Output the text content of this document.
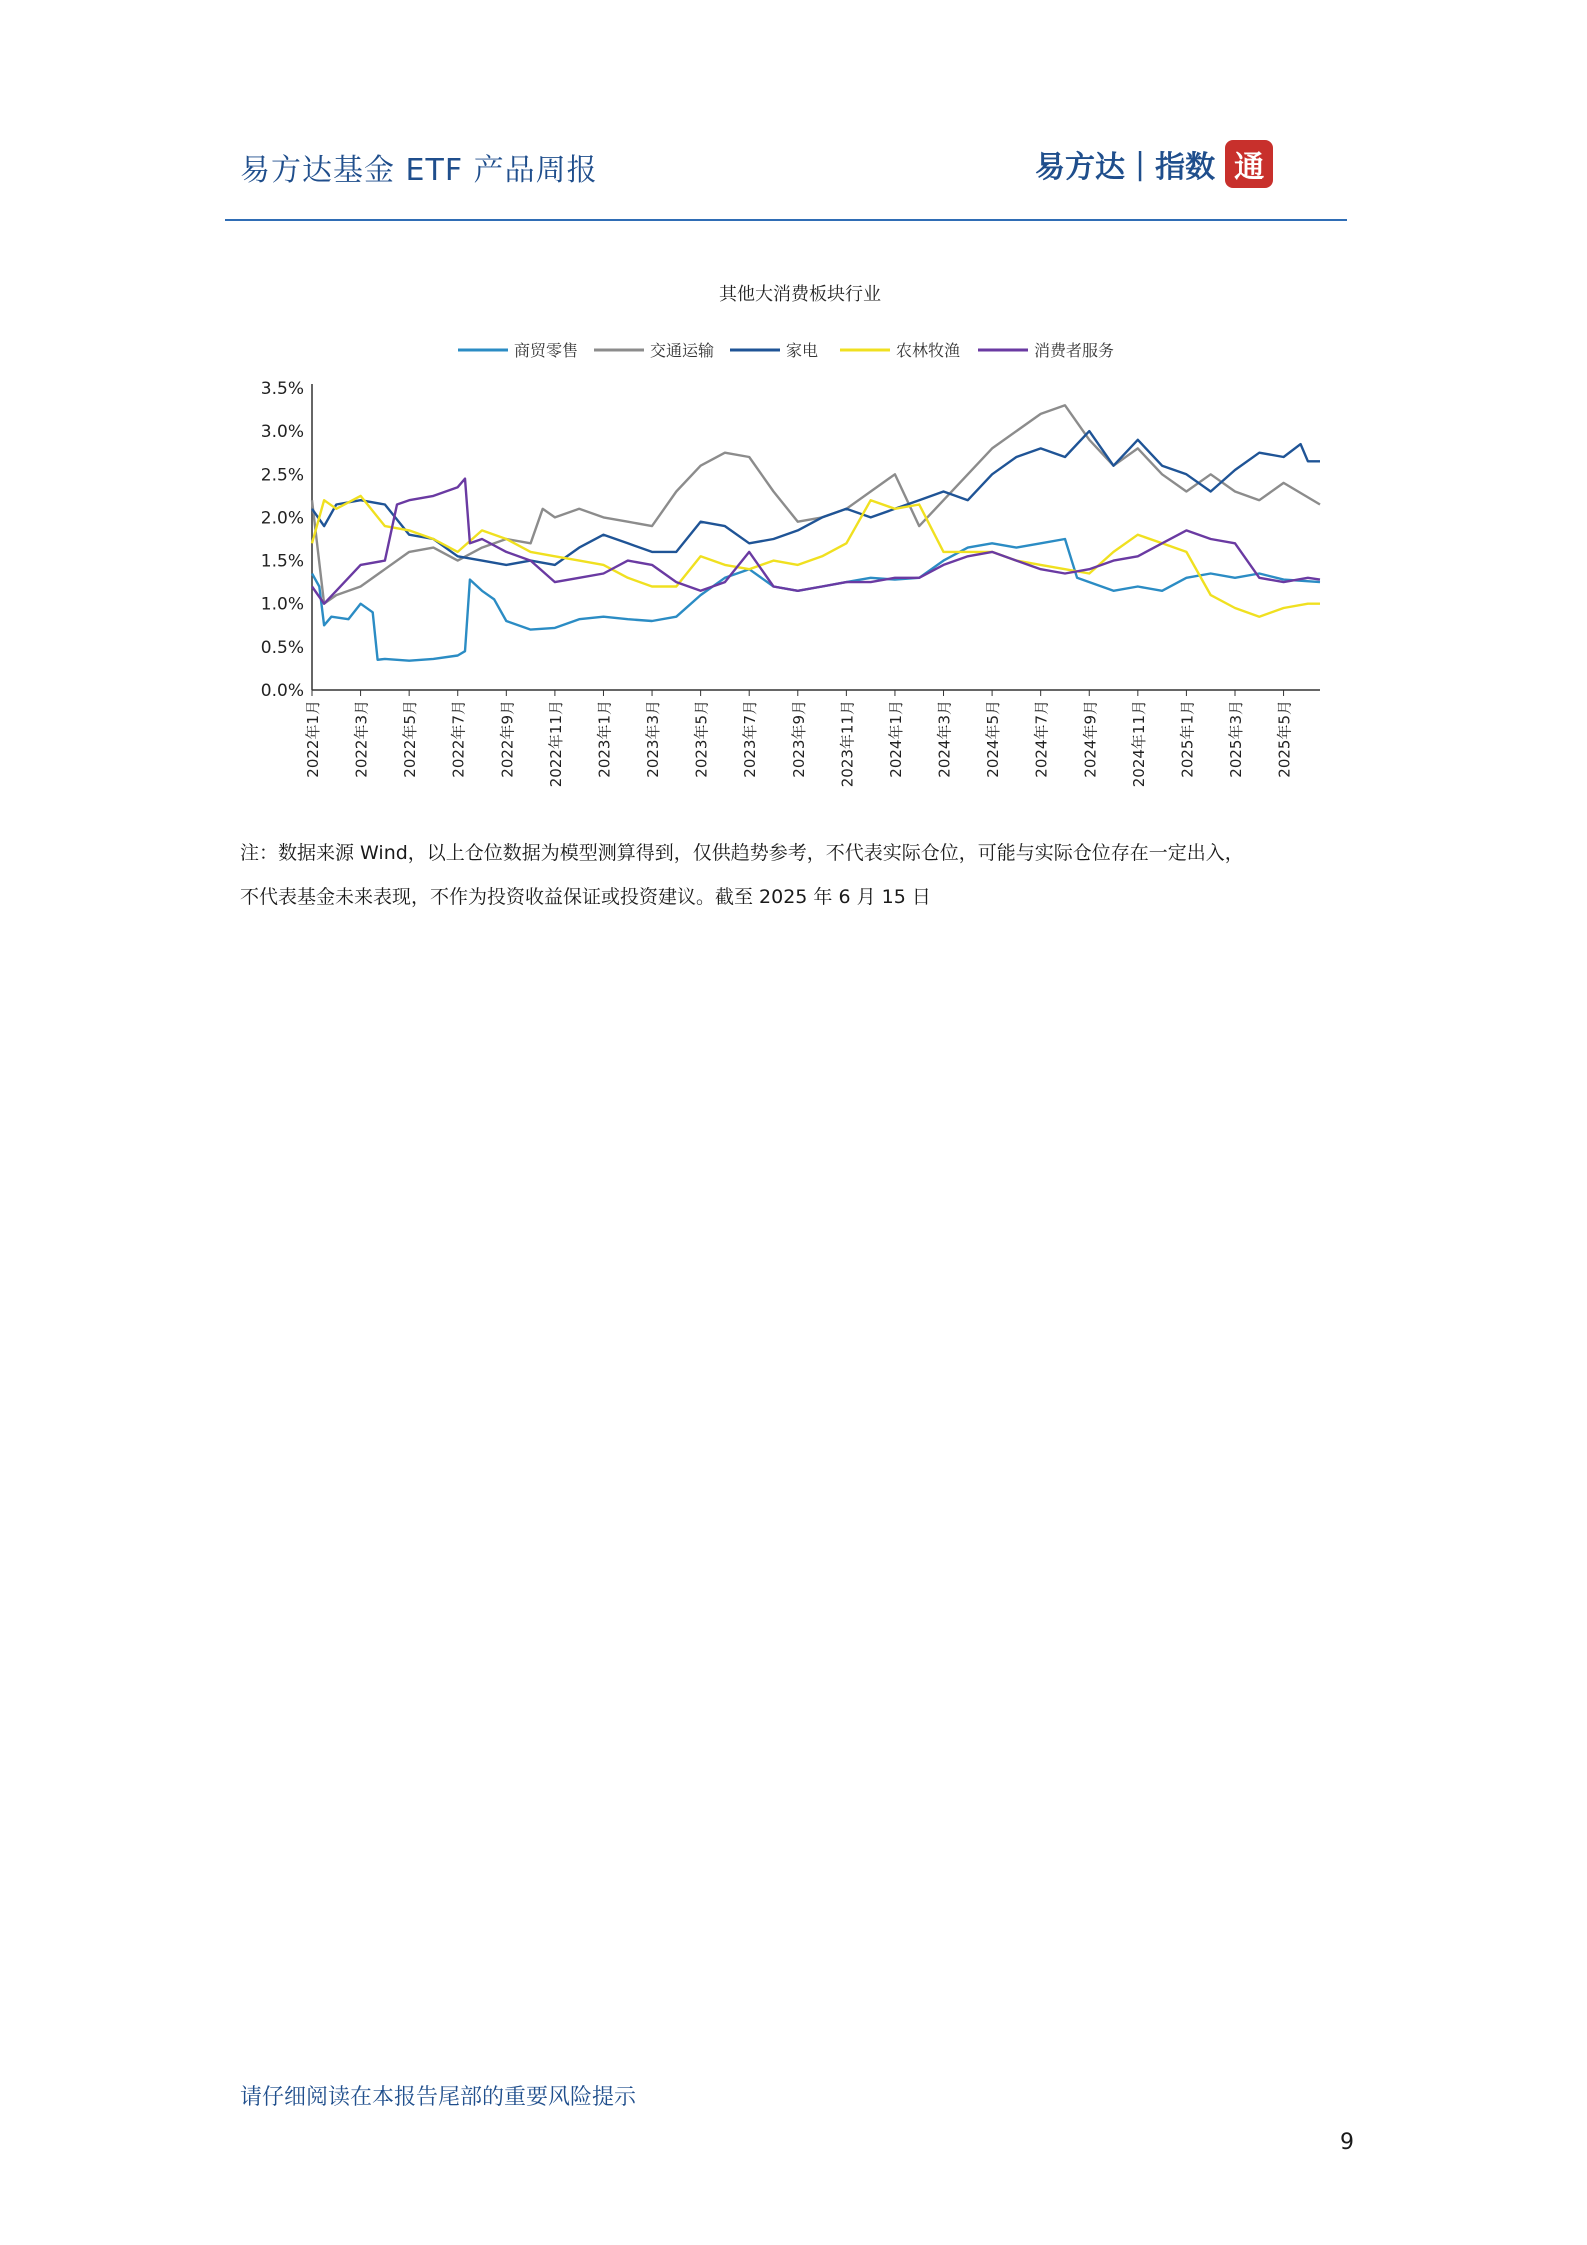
易方达基金 ETF 产品周报	易方达 | 指数 通
其他大消费板块行业
商贸零售	交通运输	家电	农林牧渔	消费者服务
0.0%
0.5%
1.0%
1.5%
2.0%
2.5%
3.0%
3.5%
2022年1月 2022年3月 2022年5月 2022年7月 2022年9月 2022年11月 2023年1月 2023年3月 2023年5月 2023年7月 2023年9月 2023年11月 2024年1月 2024年3月 2024年5月 2024年7月 2024年9月 2024年11月 2025年1月 2025年3月 2025年5月
注：数据来源 Wind，以上仓位数据为模型测算得到，仅供趋势参考，不代表实际仓位，可能与实际仓位存在一定出入，
不代表基金未来表现，不作为投资收益保证或投资建议。截至 2025 年 6 月 15 日
请仔细阅读在本报告尾部的重要风险提示
9
